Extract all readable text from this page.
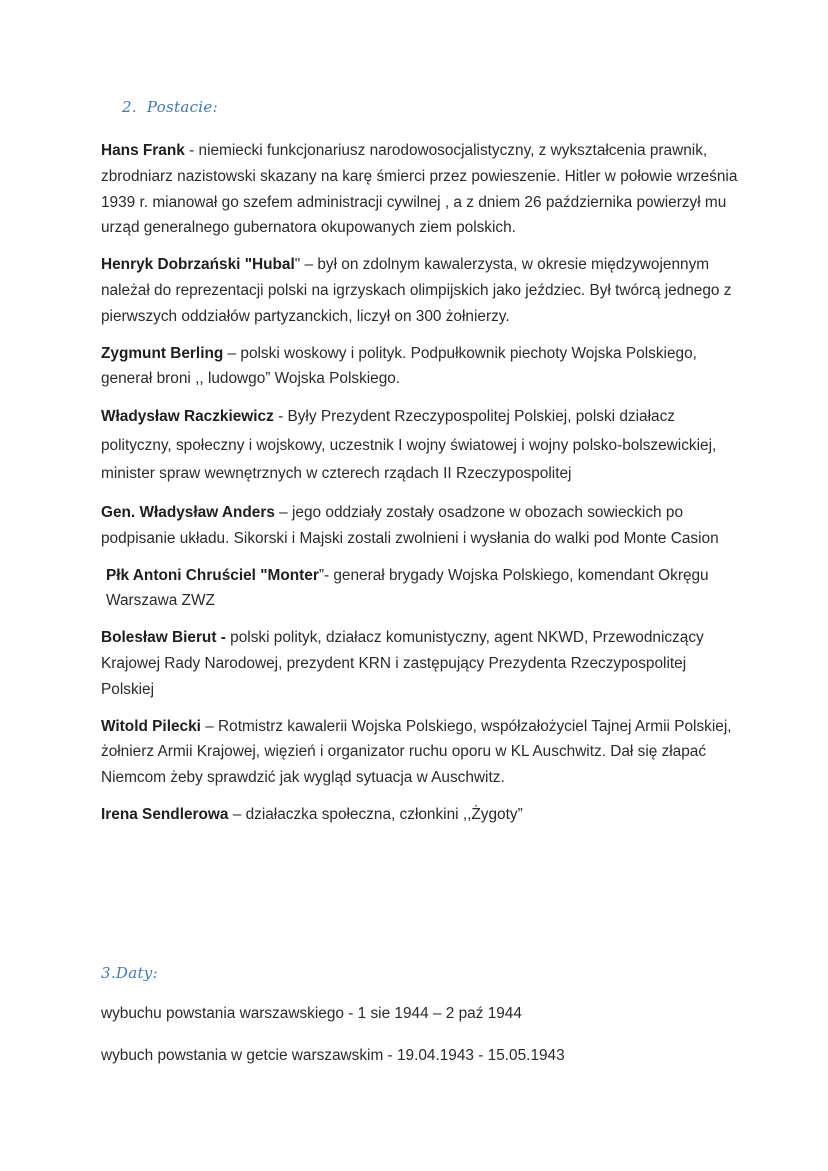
2. Postacie:

Hans Frank - niemiecki funkcjonariusz narodowosocjalistyczny, z wykształcenia prawnik, zbrodniarz nazistowski skazany na karę śmierci przez powieszenie. Hitler w połowie września 1939 r. mianował go szefem administracji cywilnej , a z dniem 26 października powierzył mu urząd generalnego gubernatora okupowanych ziem polskich.

Henryk Dobrzański "Hubal" – był on zdolnym kawalerzysta, w okresie międzywojennym należał do reprezentacji polski na igrzyskach olimpijskich jako jeździec. Był twórcą jednego z pierwszych oddziałów partyzanckich, liczył on 300 żołnierzy.

Zygmunt Berling – polski woskowy i polityk. Podpułkownik piechoty Wojska Polskiego, generał broni ,, ludowgo” Wojska Polskiego.

Władysław Raczkiewicz - Były Prezydent Rzeczypospolitej Polskiej, polski działacz polityczny, społeczny i wojskowy, uczestnik I wojny światowej i wojny polsko-bolszewickiej, minister spraw wewnętrznych w czterech rządach II Rzeczypospolitej

Gen. Władysław Anders – jego oddziały zostały osadzone w obozach sowieckich po podpisanie układu. Sikorski i Majski zostali zwolnieni i wysłania do walki pod Monte Casion

Płk Antoni Chruściel "Monter”- generał brygady Wojska Polskiego, komendant Okręgu Warszawa ZWZ

Bolesław Bierut - polski polityk, działacz komunistyczny, agent NKWD, Przewodniczący Krajowej Rady Narodowej, prezydent KRN i zastępujący Prezydenta Rzeczypospolitej Polskiej

Witold Pilecki – Rotmistrz kawalerii Wojska Polskiego, współzałożyciel Tajnej Armii Polskiej, żołnierz Armii Krajowej, więzień i organizator ruchu oporu w KL Auschwitz. Dał się złapać Niemcom żeby sprawdzić jak wygląd sytuacja w Auschwitz.

Irena Sendlerowa – działaczka społeczna, członkini ,,Żygoty”

3.Daty:

wybuchu powstania warszawskiego - 1 sie 1944 – 2 paź 1944

wybuch powstania w getcie warszawskim - 19.04.1943 - 15.05.1943
